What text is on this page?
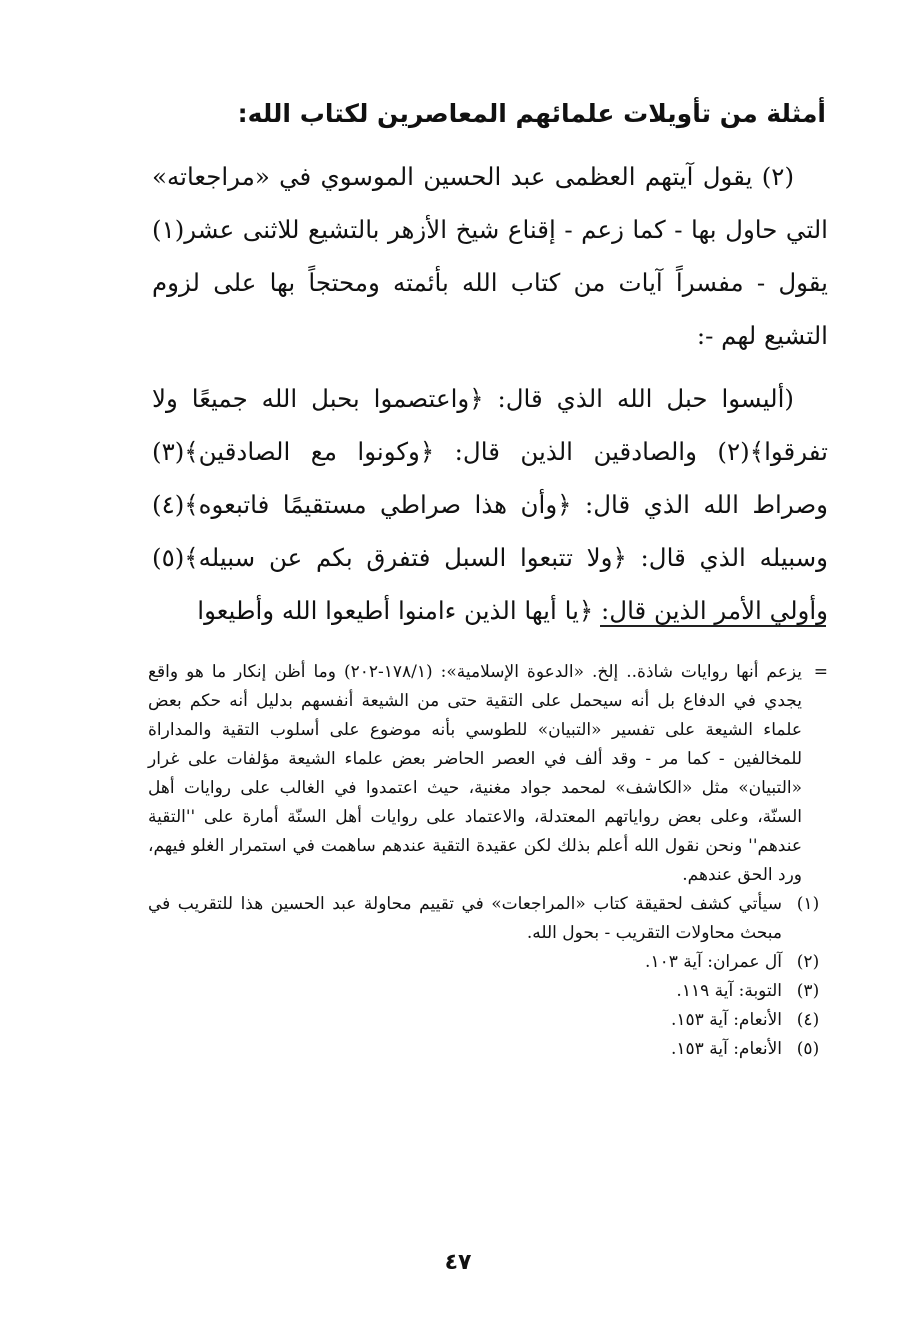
أمثلة من تأويلات علمائهم المعاصرين لكتاب الله:

(٢) يقول آيتهم العظمى عبد الحسين الموسوي في «مراجعاته» التي حاول بها - كما زعم - إقناع شيخ الأزهر بالتشيع للاثنى عشر(١) يقول - مفسراً آيات من كتاب الله بأئمته ومحتجاً بها على لزوم التشيع لهم -:

(أليسوا حبل الله الذي قال: ﴿واعتصموا بحبل الله جميعًا ولا تفرقوا﴾(٢) والصادقين الذين قال: ﴿وكونوا مع الصادقين﴾(٣) وصراط الله الذي قال: ﴿وأن هذا صراطي مستقيمًا فاتبعوه﴾(٤) وسبيله الذي قال: ﴿ولا تتبعوا السبل فتفرق بكم عن سبيله﴾(٥) وأولي الأمر الذين قال: ﴿يا أيها الذين ءامنوا أطيعوا الله وأطيعوا

=
يزعم أنها روايات شاذة.. إلخ. «الدعوة الإسلامية»: (١٧٨/١-٢٠٢) وما أظن إنكار ما هو واقع يجدي في الدفاع بل أنه سيحمل على التقية حتى من الشيعة أنفسهم بدليل أنه حكم بعض علماء الشيعة على تفسير «التبيان» للطوسي بأنه موضوع على أسلوب التقية والمداراة للمخالفين - كما مر - وقد ألف في العصر الحاضر بعض علماء الشيعة مؤلفات على غرار «التبيان» مثل «الكاشف» لمحمد جواد مغنية، حيث اعتمدوا في الغالب على روايات أهل السنّة، وعلى بعض رواياتهم المعتدلة، والاعتماد على روايات أهل السنّة أمارة على ''التقية عندهم'' ونحن نقول الله أعلم بذلك لكن عقيدة التقية عندهم ساهمت في استمرار الغلو فيهم، ورد الحق عندهم.
(١)
سيأتي كشف لحقيقة كتاب «المراجعات» في تقييم محاولة عبد الحسين هذا للتقريب في مبحث محاولات التقريب - بحول الله.
(٢)
آل عمران: آية ١٠٣.
(٣)
التوبة: آية ١١٩.
(٤)
الأنعام: آية ١٥٣.
(٥)
الأنعام: آية ١٥٣.
٤٧
